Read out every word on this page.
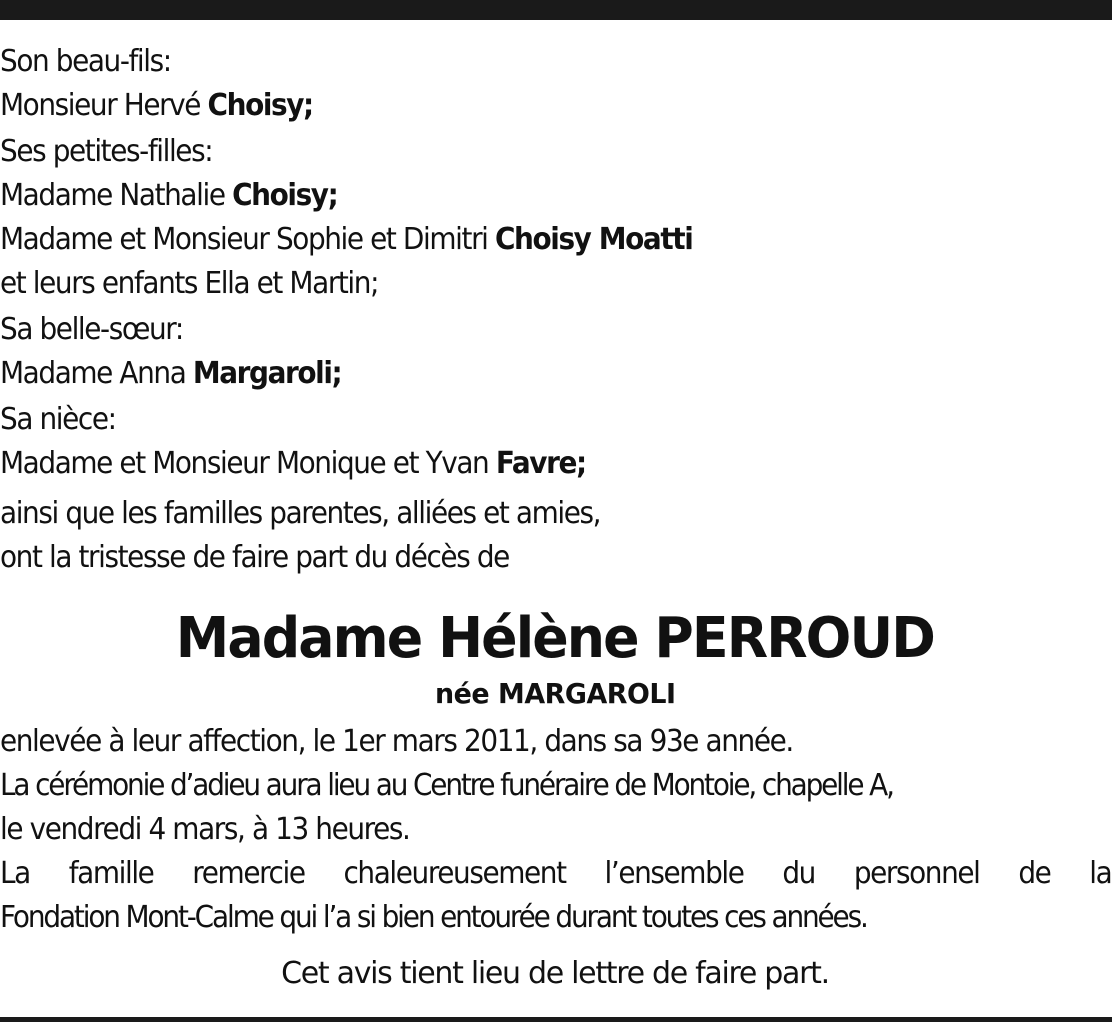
Son beau-fils:
Monsieur Hervé Choisy;
Ses petites-filles:
Madame Nathalie Choisy;
Madame et Monsieur Sophie et Dimitri Choisy Moatti
et leurs enfants Ella et Martin;
Sa belle-sœur:
Madame Anna Margaroli;
Sa nièce:
Madame et Monsieur Monique et Yvan Favre;
ainsi que les familles parentes, alliées et amies,
ont la tristesse de faire part du décès de
Madame Hélène PERROUD
née MARGAROLI
enlevée à leur affection, le 1er mars 2011, dans sa 93e année.
La cérémonie d’adieu aura lieu au Centre funéraire de Montoie, chapelle A,
le vendredi 4 mars, à 13 heures.
La famille remercie chaleureusement l’ensemble du personnel de la
Fondation Mont-Calme qui l’a si bien entourée durant toutes ces années.
Cet avis tient lieu de lettre de faire part.
